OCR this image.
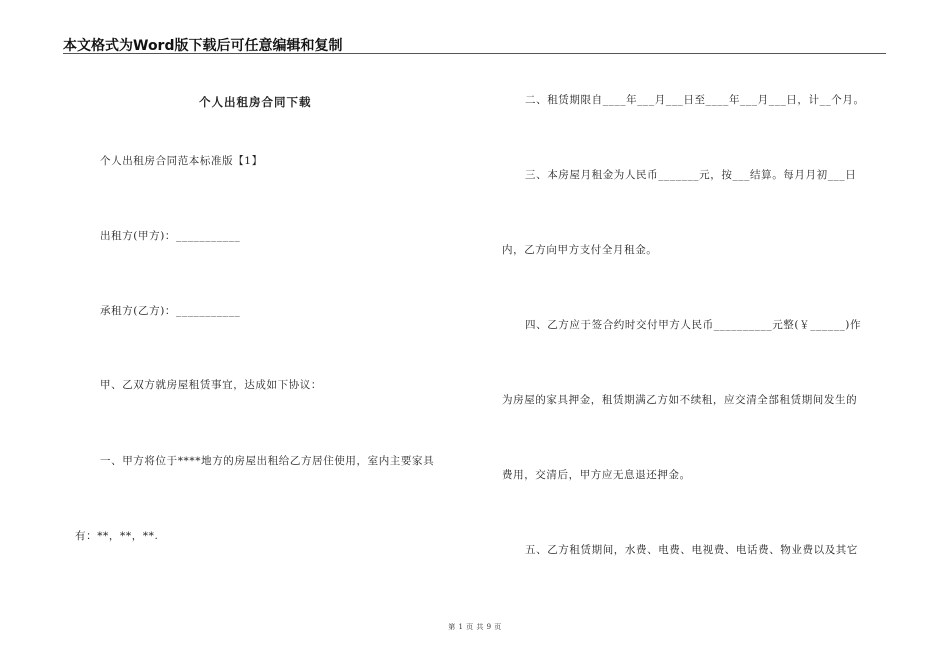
本文格式为Word版下载后可任意编辑和复制
个人出租房合同下载
个人出租房合同范本标准版【1】
出租方(甲方)：___________
承租方(乙方)：___________
甲、乙双方就房屋租赁事宜，达成如下协议：
一、甲方将位于****地方的房屋出租给乙方居住使用，室内主要家具
有：**，**，**.
二、租赁期限自____年___月___日至____年___月___日，计__个月。
三、本房屋月租金为人民币_______元，按___结算。每月月初___日
内，乙方向甲方支付全月租金。
四、乙方应于签合约时交付甲方人民币__________元整(￥______)作
为房屋的家具押金，租赁期满乙方如不续租，应交清全部租赁期间发生的
费用，交清后，甲方应无息退还押金。
五、乙方租赁期间，水费、电费、电视费、电话费、物业费以及其它
第 1 页 共 9 页
